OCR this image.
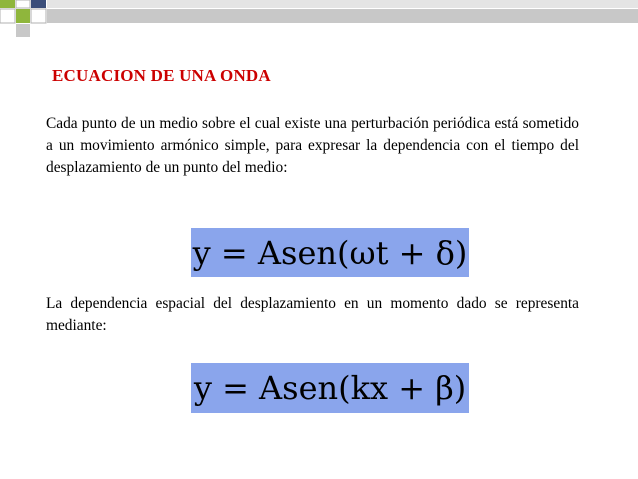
ECUACION DE UNA ONDA

Cada punto de un medio sobre el cual existe una perturbación periódica está sometido a un movimiento armónico simple, para expresar la dependencia con el tiempo del desplazamiento de un punto del medio:

y = Asen(ωt + δ)

La dependencia espacial del desplazamiento en un momento dado se representa mediante:

y = Asen(kx + β)
